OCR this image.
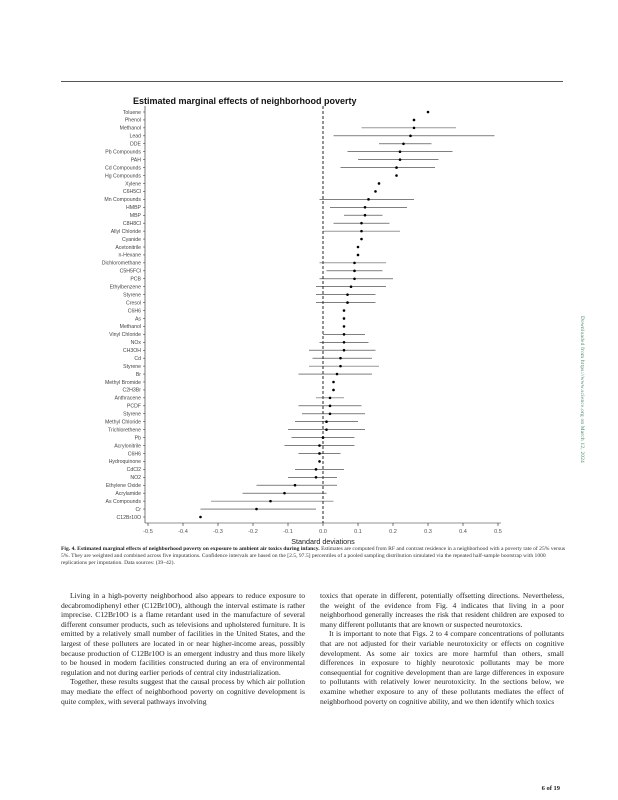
Estimated marginal effects of neighborhood poverty
-0.5	-0.4	-0.3	-0.2	-0.1	0.0	0.1	0.2	0.3	0.4	0.5
Standard deviations
Toluene
Phenol
Methanol
Lead
DDE
Pb Compounds
PAH
Cd Compounds
Hg Compounds
Xylene
C6H5Cl
Mn Compounds
HMBP
MBP
C8H8Cl
Allyl Chloride
Cyanide
Acetonitrile
n-Hexane
Dichloromethane
C5H5FCl
PCB
Ethylbenzene
Styrene
Cresol
C6H6
As
Methanol
Vinyl Chloride
NOx
CH3OH
Cd
Styrene
Br
Methyl Bromide
C2H3Br
Anthracene
PCDF
Styrene
Methyl Chloride
Trichlorethene
Pb
Acrylonitrile
C6H6
Hydroquinone
CdCl2
NO2
Ethylene Oxide
Acrylamide
As Compounds
Cr
C12Br10O
Fig. 4. Estimated marginal effects of neighborhood poverty on exposure to ambient air toxics during infancy. Estimates are computed from RF and contrast residence in a neighborhood with a poverty rate of 25% versus 5%. They are weighted and combined across five imputations. Confidence intervals are based on the [2.5, 97.5] percentiles of a pooled sampling distribution simulated via the repeated half-sample bootstrap with 1000 replications per imputation. Data sources: (39–42).

Living in a high-poverty neighborhood also appears to reduce exposure to decabromodiphenyl ether (C12Br10O), although the interval estimate is rather imprecise. C12Br10O is a flame retardant used in the manufacture of several different consumer products, such as televisions and upholstered furniture. It is emitted by a relatively small number of facilities in the United States, and the largest of these polluters are located in or near higher-income areas, possibly because production of C12Br10O is an emergent industry and thus more likely to be housed in modern facilities constructed during an era of environmental regulation and not during earlier periods of central city industrialization.

Together, these results suggest that the causal process by which air pollution may mediate the effect of neighborhood poverty on cognitive development is quite complex, with several pathways involving

toxics that operate in different, potentially offsetting directions. Nevertheless, the weight of the evidence from Fig. 4 indicates that living in a poor neighborhood generally increases the risk that resident children are exposed to many different pollutants that are known or suspected neurotoxics.

It is important to note that Figs. 2 to 4 compare concentrations of pollutants that are not adjusted for their variable neurotoxicity or effects on cognitive development. As some air toxics are more harmful than others, small differences in exposure to highly neurotoxic pollutants may be more consequential for cognitive development than are large differences in exposure to pollutants with relatively lower neurotoxicity. In the sections below, we examine whether exposure to any of these pollutants mediates the effect of neighborhood poverty on cognitive ability, and we then identify which toxics

6 of 19
Downloaded from https://www.science.org on March 12, 2024
